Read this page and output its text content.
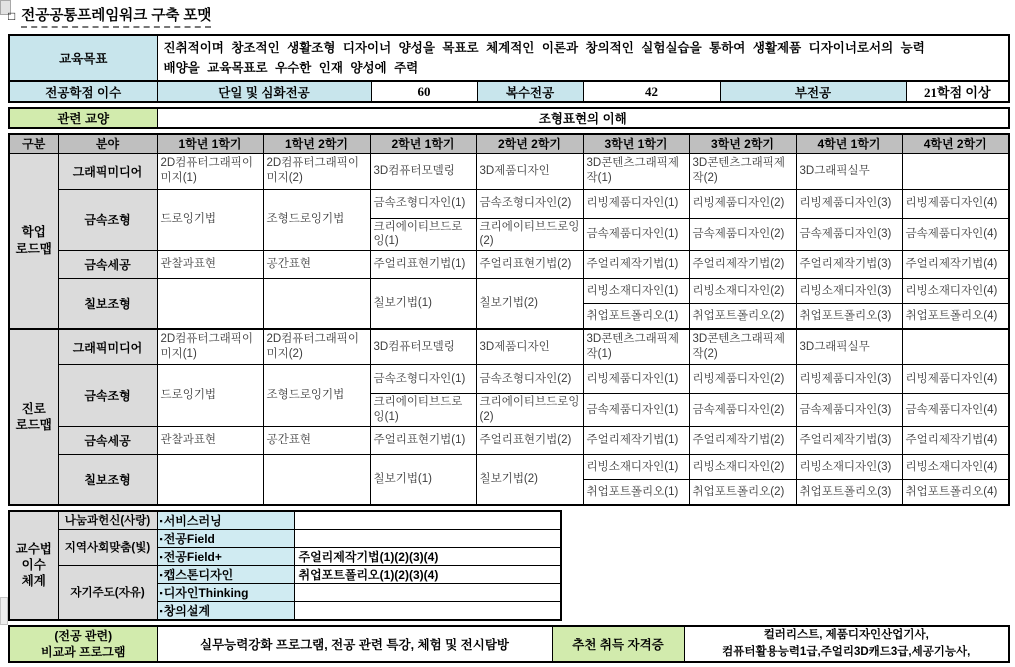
□ 전공공통프레임워크 구축 포맷
교육목표	진취적이며 창조적인 생활조형 디자이너 양성을 목표로 체계적인 이론과 창의적인 실험실습을 통하여 생활제품 디자이너로서의 능력
배양을 교육목표로 우수한 인재 양성에 주력					

전공학점 이수	단일 및 심화전공	60	복수전공	42	부전공	21학점 이상
관련 교양	조형표현의 이해
구분	분야	1학년 1학기	1학년 2학기	2학년 1학기	2학년 2학기	3학년 1학기	3학년 2학기	4학년 1학기	4학년 2학기
학업
로드맵	그래픽미디어	2D컴퓨터그래픽이미지(1)	2D컴퓨터그래픽이미지(2)	3D컴퓨터모델링	3D제품디자인	3D콘텐츠그래픽제작(1)	3D콘텐츠그래픽제작(2)	3D그래픽실무	
	금속조형	드로잉기법	조형드로잉기법	금속조형디자인(1)	금속조형디자인(2)	리빙제품디자인(1)	리빙제품디자인(2)	리빙제품디자인(3)	리빙제품디자인(4)
				크리에이티브드로잉(1)	크리에이티브드로잉(2)	금속제품디자인(1)	금속제품디자인(2)	금속제품디자인(3)	금속제품디자인(4)
	금속세공	관찰과표현	공간표현	주얼리표현기법(1)	주얼리표현기법(2)	주얼리제작기법(1)	주얼리제작기법(2)	주얼리제작기법(3)	주얼리제작기법(4)
	칠보조형			칠보기법(1)	칠보기법(2)	리빙소재디자인(1)	리빙소재디자인(2)	리빙소재디자인(3)	리빙소재디자인(4)
						취업포트폴리오(1)	취업포트폴리오(2)	취업포트폴리오(3)	취업포트폴리오(4)
진로
로드맵	그래픽미디어	2D컴퓨터그래픽이미지(1)	2D컴퓨터그래픽이미지(2)	3D컴퓨터모델링	3D제품디자인	3D콘텐츠그래픽제작(1)	3D콘텐츠그래픽제작(2)	3D그래픽실무	
	금속조형	드로잉기법	조형드로잉기법	금속조형디자인(1)	금속조형디자인(2)	리빙제품디자인(1)	리빙제품디자인(2)	리빙제품디자인(3)	리빙제품디자인(4)
				크리에이티브드로잉(1)	크리에이티브드로잉(2)	금속제품디자인(1)	금속제품디자인(2)	금속제품디자인(3)	금속제품디자인(4)
	금속세공	관찰과표현	공간표현	주얼리표현기법(1)	주얼리표현기법(2)	주얼리제작기법(1)	주얼리제작기법(2)	주얼리제작기법(3)	주얼리제작기법(4)
	칠보조형			칠보기법(1)	칠보기법(2)	리빙소재디자인(1)	리빙소재디자인(2)	리빙소재디자인(3)	리빙소재디자인(4)
						취업포트폴리오(1)	취업포트폴리오(2)	취업포트폴리오(3)	취업포트폴리오(4)
교수법
이수
체계	나눔과헌신(사랑)	▪서비스러닝	
	지역사회맞춤(빛)	▪전공Field	
		▪전공Field+	주얼리제작기법(1)(2)(3)(4)
	자기주도(자유)	▪캡스톤디자인	취업포트폴리오(1)(2)(3)(4)
		▪디자인Thinking	
		▪창의설계	
(전공 관련)
비교과 프로그램	실무능력강화 프로그램, 전공 관련 특강, 체험 및 전시탐방	추천 취득 자격증	
컬러리스트, 제품디자인산업기사,
컴퓨터활용능력1급,주얼리3D캐드3급,세공기능사,
